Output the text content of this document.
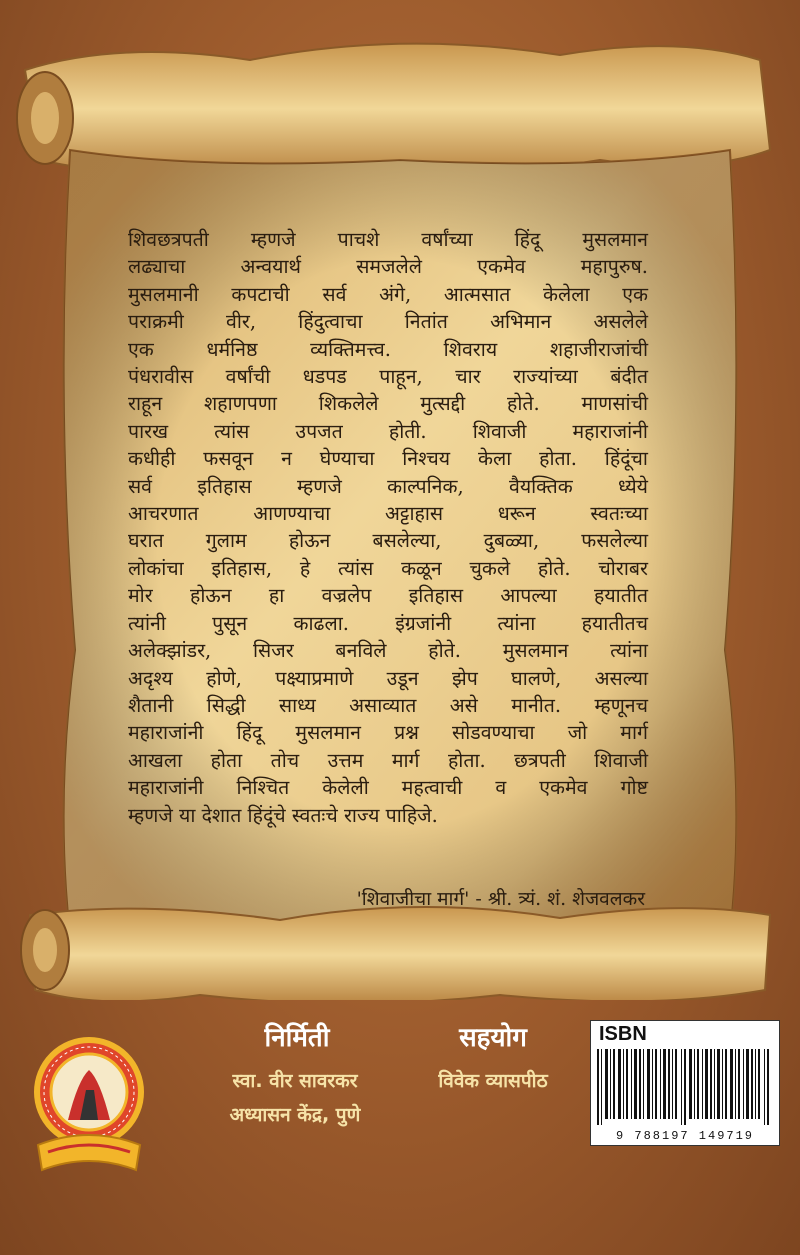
शिवछत्रपती म्हणजे पाचशे वर्षांच्या हिंदू मुसलमान
लढ्याचा अन्वयार्थ समजलेले एकमेव महापुरुष.
मुसलमानी कपटाची सर्व अंगे, आत्मसात केलेला एक
पराक्रमी वीर, हिंदुत्वाचा नितांत अभिमान असलेले
एक धर्मनिष्ठ व्यक्तिमत्त्व. शिवराय शहाजीराजांची
पंधरावीस वर्षांची धडपड पाहून, चार राज्यांच्या बंदीत
राहून शहाणपणा शिकलेले मुत्सद्दी होते. माणसांची
पारख त्यांस उपजत होती. शिवाजी महाराजांनी
कधीही फसवून न घेण्याचा निश्चय केला होता. हिंदूंचा
सर्व इतिहास म्हणजे काल्पनिक, वैयक्तिक ध्येये
आचरणात आणण्याचा अट्टाहास धरून स्वतःच्या
घरात गुलाम होऊन बसलेल्या, दुबळ्या, फसलेल्या
लोकांचा इतिहास, हे त्यांस कळून चुकले होते. चोराबर
मोर होऊन हा वज्रलेप इतिहास आपल्या हयातीत
त्यांनी पुसून काढला. इंग्रजांनी त्यांना हयातीतच
अलेक्झांडर, सिजर बनविले होते. मुसलमान त्यांना
अदृश्य होणे, पक्ष्याप्रमाणे उडून झेप घालणे, असल्या
शैतानी सिद्धी साध्य असाव्यात असे मानीत. म्हणूनच
महाराजांनी हिंदू मुसलमान प्रश्न सोडवण्याचा जो मार्ग
आखला होता तोच उत्तम मार्ग होता. छत्रपती शिवाजी
महाराजांनी निश्चित केलेली महत्वाची व एकमेव गोष्ट
म्हणजे या देशात हिंदूंचे स्वतःचे राज्य पाहिजे.
'शिवाजीचा मार्ग' - श्री. त्र्यं. शं. शेजवलकर
निर्मिती
स्वा. वीर सावरकर
अध्यासन केंद्र, पुणे
सहयोग
विवेक व्यासपीठ
ISBN
9 788197 149719
